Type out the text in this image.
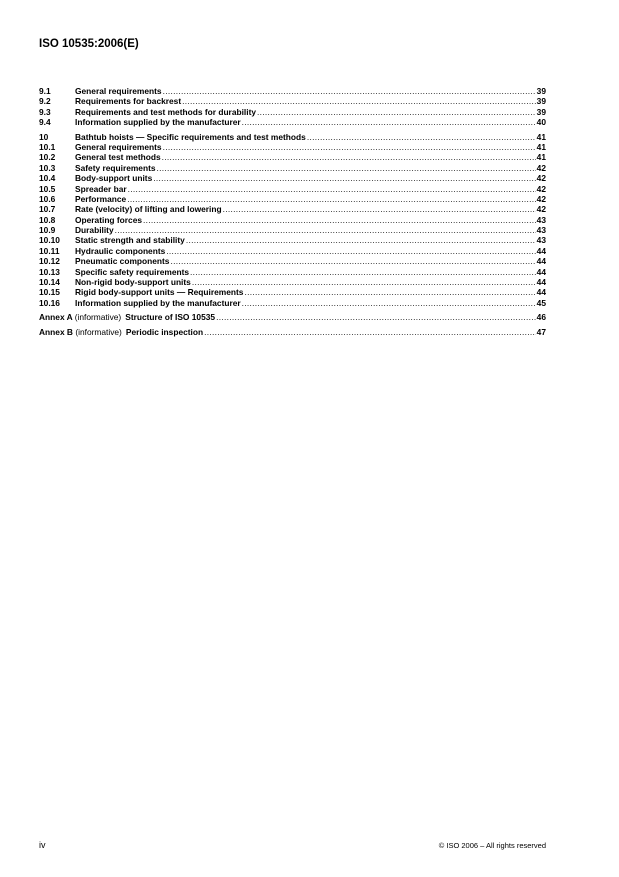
ISO 10535:2006(E)
9.1	General requirements .....	39
9.2	Requirements for backrest .....	39
9.3	Requirements and test methods for durability .....	39
9.4	Information supplied by the manufacturer .....	40
10	Bathtub hoists — Specific requirements and test methods .....	41
10.1	General requirements .....	41
10.2	General test methods .....	41
10.3	Safety requirements .....	42
10.4	Body-support units .....	42
10.5	Spreader bar .....	42
10.6	Performance .....	42
10.7	Rate (velocity) of lifting and lowering .....	42
10.8	Operating forces .....	43
10.9	Durability .....	43
10.10	Static strength and stability .....	43
10.11	Hydraulic components .....	44
10.12	Pneumatic components .....	44
10.13	Specific safety requirements .....	44
10.14	Non-rigid body-support units .....	44
10.15	Rigid body-support units — Requirements .....	44
10.16	Information supplied by the manufacturer .....	45
Annex A (informative) Structure of ISO 10535 .....	46
Annex B (informative) Periodic inspection .....	47
iv	© ISO 2006 – All rights reserved
